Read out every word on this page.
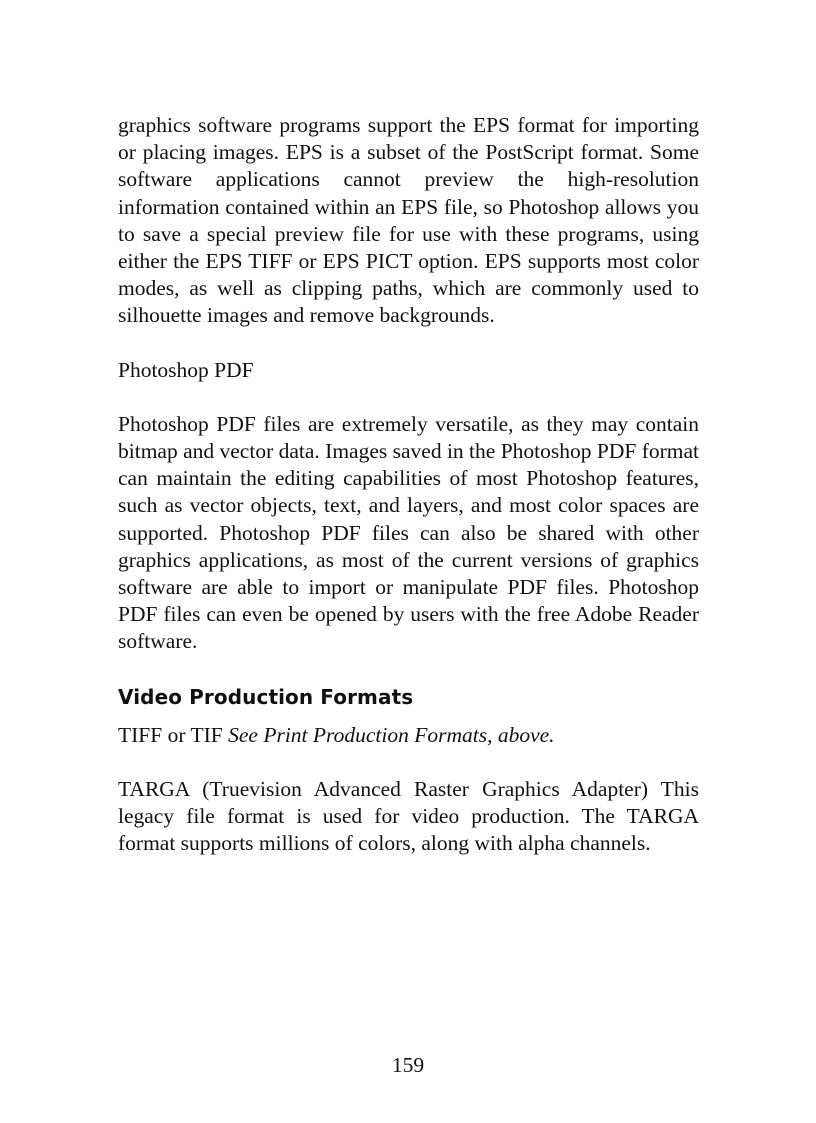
graphics software programs support the EPS format for importing or placing images. EPS is a subset of the PostScript format. Some software applications cannot preview the high-resolution information contained within an EPS file, so Photoshop allows you to save a special preview file for use with these programs, using either the EPS TIFF or EPS PICT option. EPS supports most color modes, as well as clipping paths, which are commonly used to silhouette images and remove backgrounds.

Photoshop PDF

Photoshop PDF files are extremely versatile, as they may contain bitmap and vector data. Images saved in the Photoshop PDF format can maintain the editing capabilities of most Photoshop features, such as vector objects, text, and layers, and most color spaces are supported. Photoshop PDF files can also be shared with other graphics applications, as most of the current versions of graphics software are able to import or manipulate PDF files. Photoshop PDF files can even be opened by users with the free Adobe Reader software.

Video Production Formats

TIFF or TIF See Print Production Formats, above.

TARGA (Truevision Advanced Raster Graphics Adapter) This legacy file format is used for video production. The TARGA format supports millions of colors, along with alpha channels.

159
